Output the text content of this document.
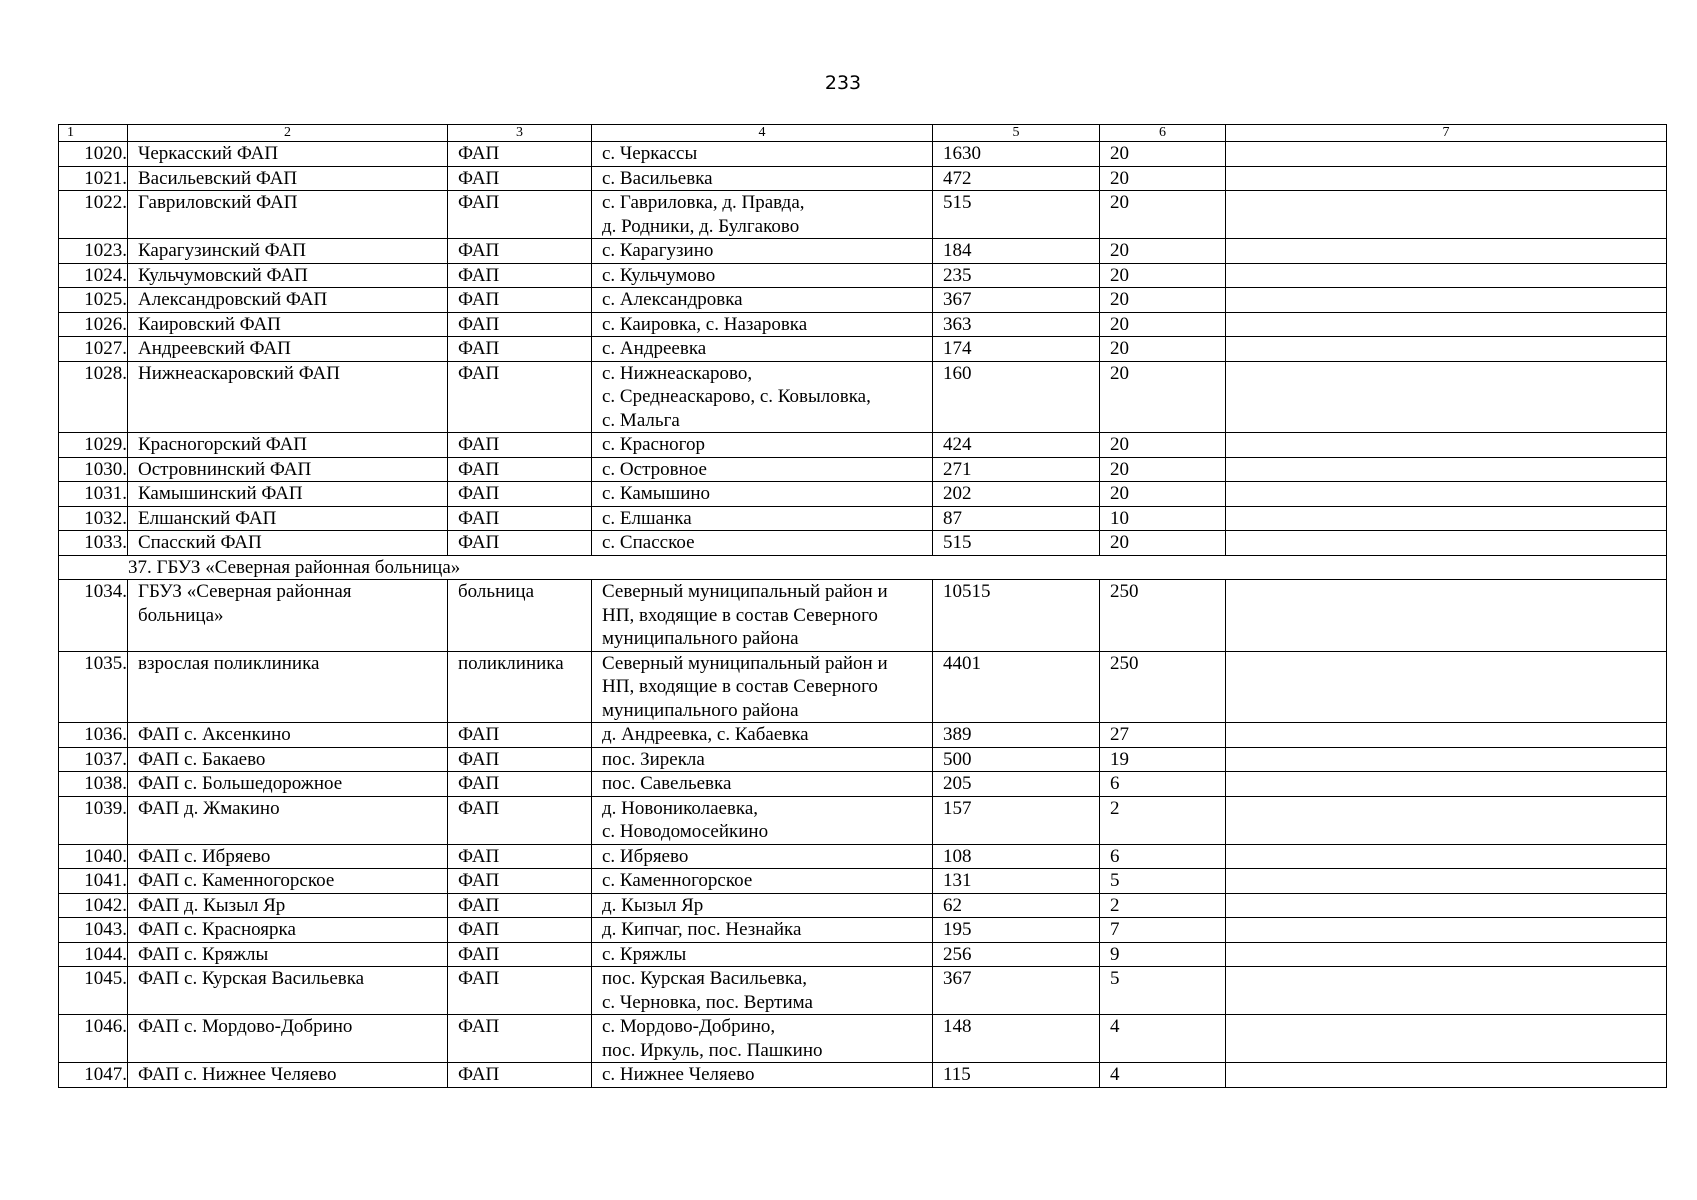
233
1	2	3	4	5	6	7
1020.	Черкасский ФАП	ФАП	с. Черкассы	1630	20	
1021.	Васильевский ФАП	ФАП	с. Васильевка	472	20	
1022.	Гавриловский ФАП	ФАП	с. Гавриловка, д. Правда,
д. Родники, д. Булгаково	515	20	
1023.	Карагузинский ФАП	ФАП	с. Карагузино	184	20	
1024.	Кульчумовский ФАП	ФАП	с. Кульчумово	235	20	
1025.	Александровский ФАП	ФАП	с. Александровка	367	20	
1026.	Каировский ФАП	ФАП	с. Каировка, с. Назаровка	363	20	
1027.	Андреевский ФАП	ФАП	с. Андреевка	174	20	
1028.	Нижнеаскаровский ФАП	ФАП	с. Нижнеаскарово,
с. Среднеаскарово, с. Ковыловка,
с. Мальга	160	20	
1029.	Красногорский ФАП	ФАП	с. Красногор	424	20	
1030.	Островнинский ФАП	ФАП	с. Островное	271	20	
1031.	Камышинский ФАП	ФАП	с. Камышино	202	20	
1032.	Елшанский ФАП	ФАП	с. Елшанка	87	10	
1033.	Спасский ФАП	ФАП	с. Спасское	515	20	
37. ГБУЗ «Северная районная больница»						
1034.	ГБУЗ «Северная районная
больница»	больница	Северный муниципальный район и
НП, входящие в состав Северного
муниципального района	10515	250	
1035.	взрослая поликлиника	поликлиника	Северный муниципальный район и
НП, входящие в состав Северного
муниципального района	4401	250	
1036.	ФАП с. Аксенкино	ФАП	д. Андреевка, с. Кабаевка	389	27	
1037.	ФАП с. Бакаево	ФАП	пос. Зирекла	500	19	
1038.	ФАП с. Большедорожное	ФАП	пос. Савельевка	205	6	
1039.	ФАП д. Жмакино	ФАП	д. Новониколаевка,
с. Новодомосейкино	157	2	
1040.	ФАП с. Ибряево	ФАП	с. Ибряево	108	6	
1041.	ФАП с. Каменногорское	ФАП	с. Каменногорское	131	5	
1042.	ФАП д. Кызыл Яр	ФАП	д. Кызыл Яр	62	2	
1043.	ФАП с. Красноярка	ФАП	д. Кипчаг, пос. Незнайка	195	7	
1044.	ФАП с. Кряжлы	ФАП	с. Кряжлы	256	9	
1045.	ФАП с. Курская Васильевка	ФАП	пос. Курская Васильевка,
с. Черновка, пос. Вертима	367	5	
1046.	ФАП с. Мордово-Добрино	ФАП	с. Мордово-Добрино,
пос. Иркуль, пос. Пашкино	148	4	
1047.	ФАП с. Нижнее Челяево	ФАП	с. Нижнее Челяево	115	4	
